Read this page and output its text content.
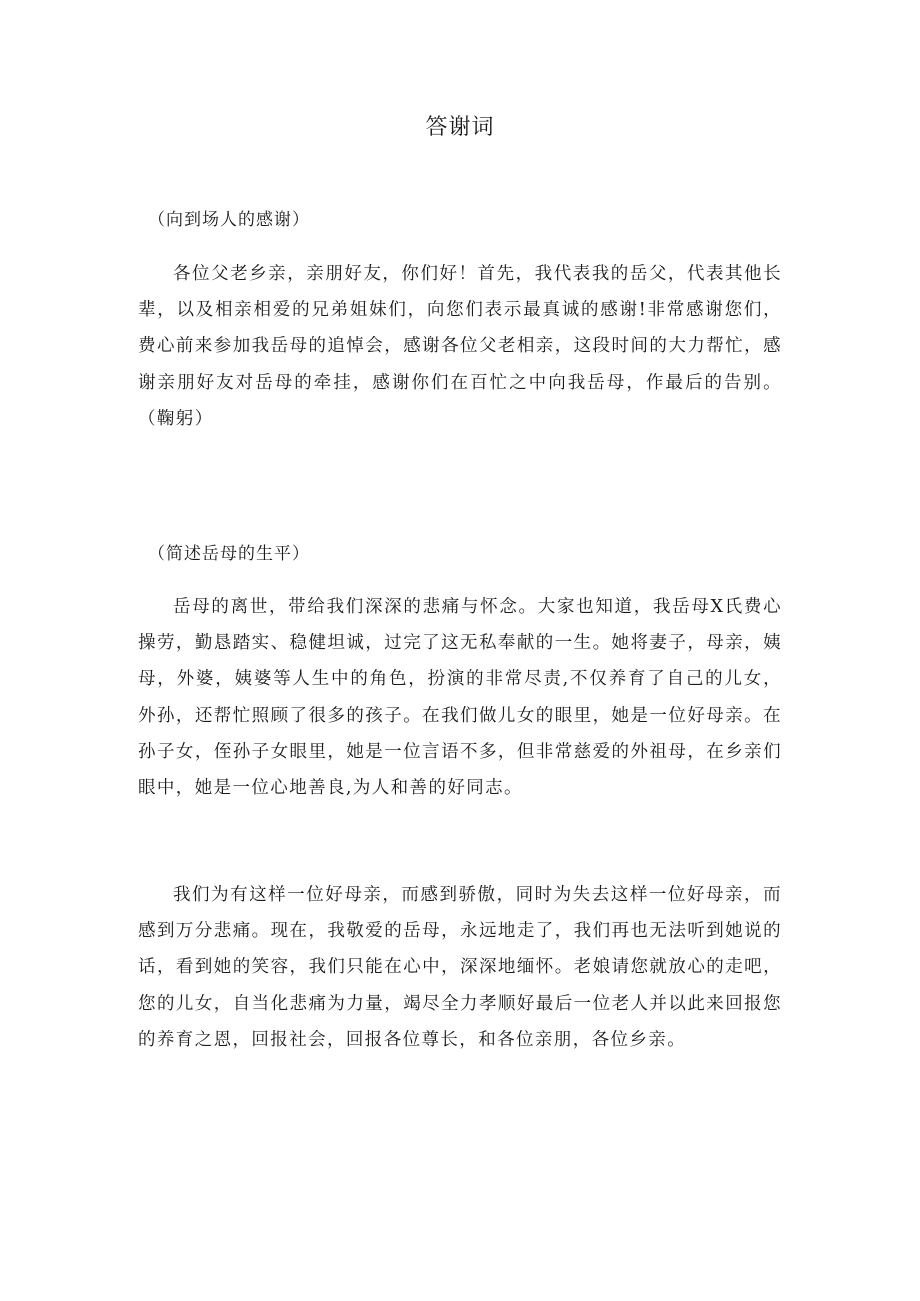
答谢词

（向到场人的感谢）

各位父老乡亲，亲朋好友，你们好！首先，我代表我的岳父，代表其他长辈，以及相亲相爱的兄弟姐妹们，向您们表示最真诚的感谢!非常感谢您们，费心前来参加我岳母的追悼会，感谢各位父老相亲，这段时间的大力帮忙，感谢亲朋好友对岳母的牵挂，感谢你们在百忙之中向我岳母，作最后的告别。（鞠躬）

（简述岳母的生平）

岳母的离世，带给我们深深的悲痛与怀念。大家也知道，我岳母X氏费心操劳，勤恳踏实、稳健坦诚，过完了这无私奉献的一生。她将妻子，母亲，姨母，外婆，姨婆等人生中的角色，扮演的非常尽责,不仅养育了自己的儿女，外孙，还帮忙照顾了很多的孩子。在我们做儿女的眼里，她是一位好母亲。在孙子女，侄孙子女眼里，她是一位言语不多，但非常慈爱的外祖母，在乡亲们眼中，她是一位心地善良,为人和善的好同志。

我们为有这样一位好母亲，而感到骄傲，同时为失去这样一位好母亲，而感到万分悲痛。现在，我敬爱的岳母，永远地走了，我们再也无法听到她说的话，看到她的笑容，我们只能在心中，深深地缅怀。老娘请您就放心的走吧，您的儿女，自当化悲痛为力量，竭尽全力孝顺好最后一位老人并以此来回报您的养育之恩，回报社会，回报各位尊长，和各位亲朋，各位乡亲。
